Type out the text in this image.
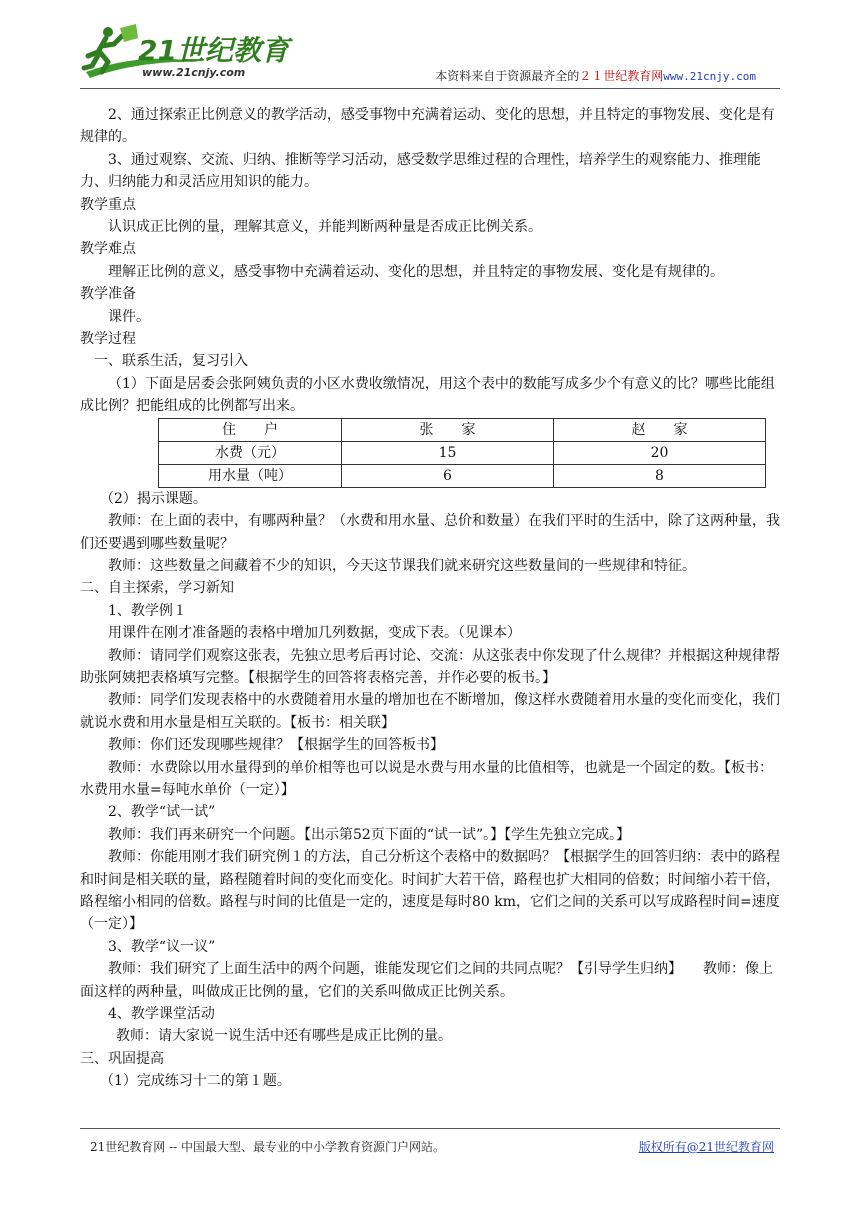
21世纪教育
www.21cnjy.com	本资料来自于资源最齐全的２１世纪教育网www.21cnjy.com

2、通过探索正比例意义的教学活动，感受事物中充满着运动、变化的思想，并且特定的事物发展、变化是有规律的。

3、通过观察、交流、归纳、推断等学习活动，感受数学思维过程的合理性，培养学生的观察能力、推理能力、归纳能力和灵活应用知识的能力。

教学重点

认识成正比例的量，理解其意义，并能判断两种量是否成正比例关系。

教学难点

理解正比例的意义，感受事物中充满着运动、变化的思想，并且特定的事物发展、变化是有规律的。

教学准备

课件。

教学过程

一、联系生活，复习引入

（1）下面是居委会张阿姨负责的小区水费收缴情况，用这个表中的数能写成多少个有意义的比？哪些比能组成比例？把能组成的比例都写出来。

住　　户	张　　家	赵　　家
水费（元）	15	20
用水量（吨）	6	8

（2）揭示课题。

教师：在上面的表中，有哪两种量？（水费和用水量、总价和数量）在我们平时的生活中，除了这两种量，我们还要遇到哪些数量呢？

教师：这些数量之间藏着不少的知识，今天这节课我们就来研究这些数量间的一些规律和特征。

二、自主探索，学习新知

1、教学例１

用课件在刚才准备题的表格中增加几列数据，变成下表。（见课本）

教师：请同学们观察这张表，先独立思考后再讨论、交流：从这张表中你发现了什么规律？并根据这种规律帮助张阿姨把表格填写完整。【根据学生的回答将表格完善，并作必要的板书。】

教师：同学们发现表格中的水费随着用水量的增加也在不断增加，像这样水费随着用水量的变化而变化，我们就说水费和用水量是相互关联的。【板书：相关联】

教师：你们还发现哪些规律？【根据学生的回答板书】

教师：水费除以用水量得到的单价相等也可以说是水费与用水量的比值相等，也就是一个固定的数。【板书：水费用水量=每吨水单价（一定）】

2、教学“试一试”

教师：我们再来研究一个问题。【出示第52页下面的“试一试”。】【学生先独立完成。】

教师：你能用刚才我们研究例１的方法，自己分析这个表格中的数据吗？【根据学生的回答归纳：表中的路程和时间是相关联的量，路程随着时间的变化而变化。时间扩大若干倍，路程也扩大相同的倍数；时间缩小若干倍，路程缩小相同的倍数。路程与时间的比值是一定的，速度是每时80 km，它们之间的关系可以写成路程时间=速度（一定）】

3、教学“议一议”

教师：我们研究了上面生活中的两个问题，谁能发现它们之间的共同点呢？【引导学生归纳】　　教师：像上面这样的两种量，叫做成正比例的量，它们的关系叫做成正比例关系。

4、教学课堂活动

教师：请大家说一说生活中还有哪些是成正比例的量。

三、巩固提高

（1）完成练习十二的第１题。

21世纪教育网 -- 中国最大型、最专业的中小学教育资源门户网站。	版权所有@21世纪教育网
